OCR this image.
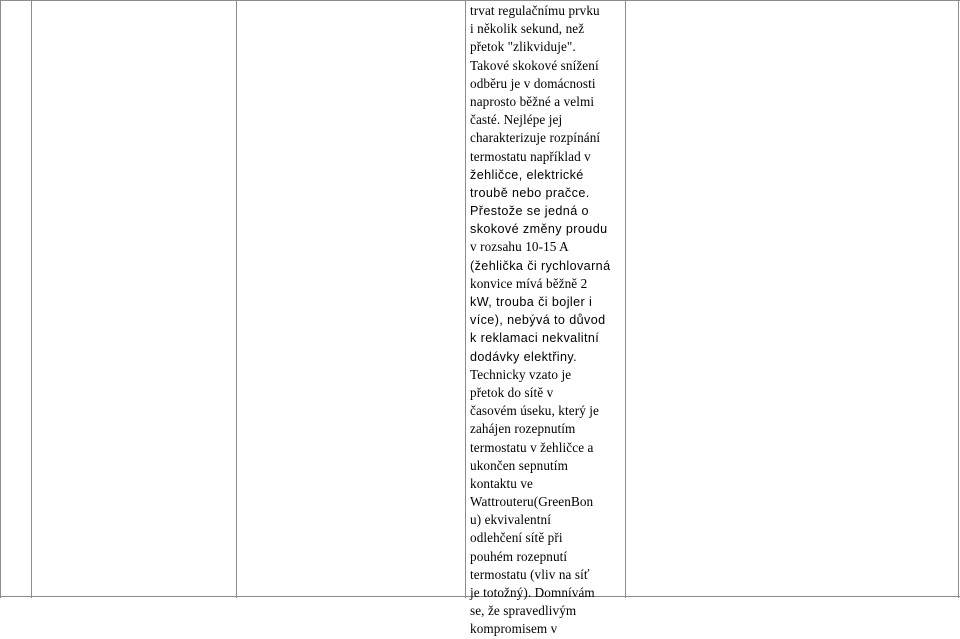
trvat regulačnímu prvku
i několik sekund, než
přetok "zlikviduje".
Takové skokové snížení
odběru je v domácnosti
naprosto běžné a velmi
časté. Nejlépe jej
charakterizuje rozpínání
termostatu například v
žehličce, elektrické
troubě nebo pračce.
Přestože se jedná o
skokové změny proudu
v rozsahu 10-15 A
(žehlička či rychlovarná
konvice mívá běžně 2
kW, trouba či bojler i
více), nebývá to důvod
k reklamaci nekvalitní
dodávky elektřiny.
Technicky vzato je
přetok do sítě v
časovém úseku, který je
zahájen rozepnutím
termostatu v žehličce a
ukončen sepnutím
kontaktu ve
Wattrouteru(GreenBon
u) ekvivalentní
odlehčení sítě při
pouhém rozepnutí
termostatu (vliv na síť
je totožný). Domnívám
se, že spravedlivým
kompromisem v
